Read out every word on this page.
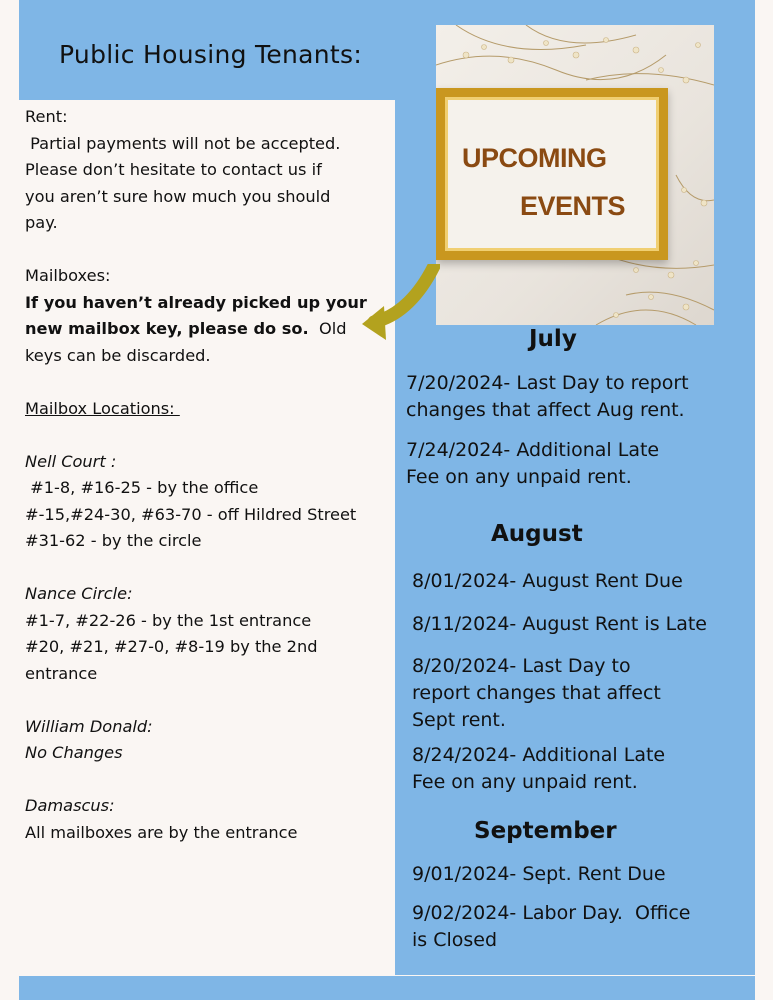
Public Housing Tenants:
UPCOMING
EVENTS

Rent:

Partial payments will not be accepted.

Please don’t hesitate to contact us if

you aren’t sure how much you should

pay.

Mailboxes:

If you haven’t already picked up your

new mailbox key, please do so.  Old

keys can be discarded.

Mailbox Locations:

Nell Court :

#1-8, #16-25 - by the office

#-15,#24-30, #63-70 - off Hildred Street

#31-62 - by the circle

Nance Circle:

#1-7, #22-26 - by the 1st entrance

#20, #21, #27-0, #8-19 by the 2nd

entrance

William Donald:

No Changes

Damascus:

All mailboxes are by the entrance

July
7/20/2024- Last Day to report
changes that affect Aug rent.
7/24/2024- Additional Late
Fee on any unpaid rent.
August
8/01/2024- August Rent Due
8/11/2024- August Rent is Late
8/20/2024- Last Day to
report changes that affect
Sept rent.
8/24/2024- Additional Late
Fee on any unpaid rent.
September
9/01/2024- Sept. Rent Due
9/02/2024- Labor Day.  Office
is Closed
